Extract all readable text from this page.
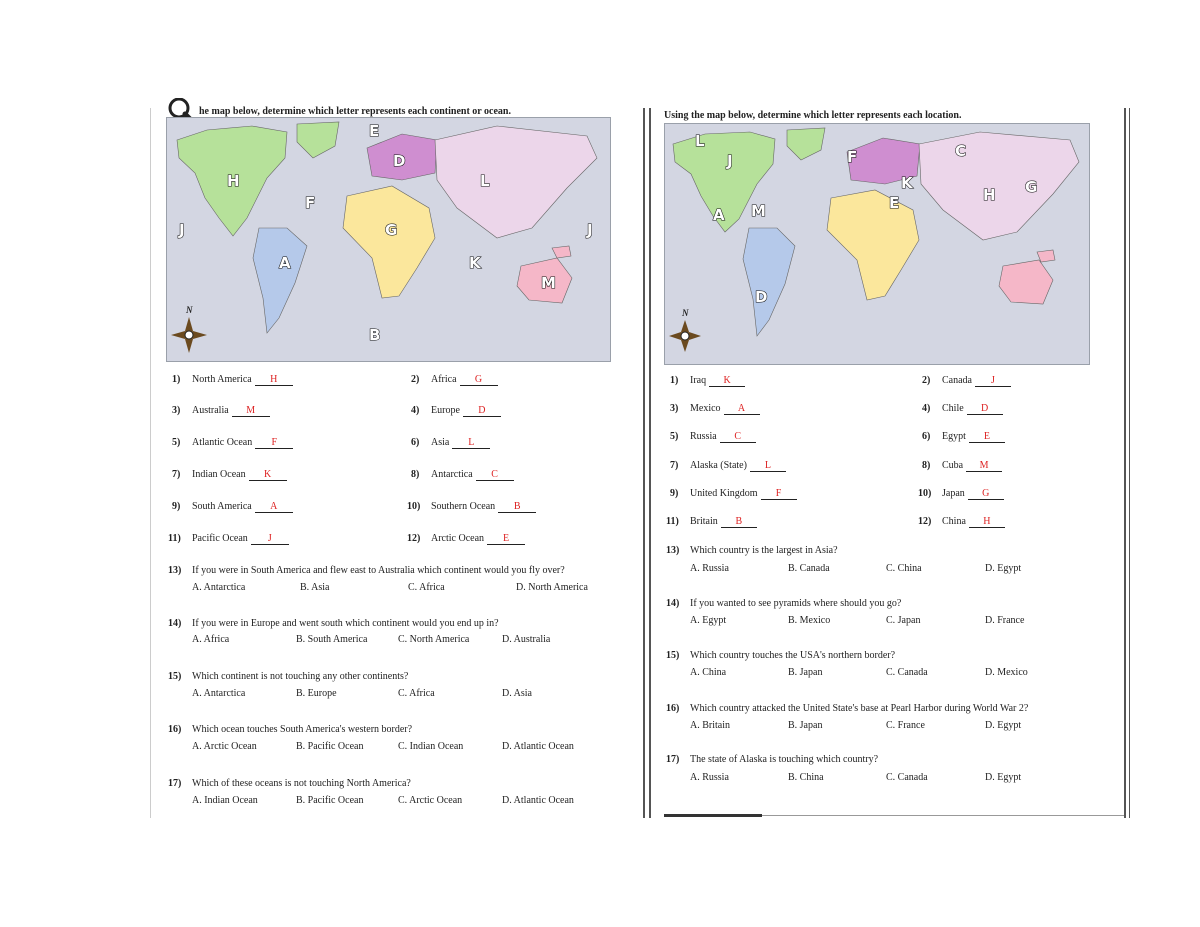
he map below, determine which letter represents each continent or ocean.
E
D
H	L
F
J	G	J
A	K
M
B
N
1) North America H	2) Africa G
3) Australia M	4) Europe D
5) Atlantic Ocean F	6) Asia L
7) Indian Ocean K	8) Antarctica C
9) South America A	10) Southern Ocean B
11) Pacific Ocean J	12) Arctic Ocean E
13) If you were in South America and flew east to Australia which continent would you fly over?
A. Antarctica	B. Asia	C. Africa	D. North America
14) If you were in Europe and went south which continent would you end up in?
A. Africa	B. South America	C. North America	D. Australia
15) Which continent is not touching any other continents?
A. Antarctica	B. Europe	C. Africa	D. Asia
16) Which ocean touches South America's western border?
A. Arctic Ocean	B. Pacific Ocean	C. Indian Ocean	D. Atlantic Ocean
17) Which of these oceans is not touching North America?
A. Indian Ocean	B. Pacific Ocean	C. Arctic Ocean	D. Atlantic Ocean
Using the map below, determine which letter represents each location.
L
J	F	C
K
H G
E
A M
D
N
1) Iraq K	2) Canada J
3) Mexico A	4) Chile D
5) Russia C	6) Egypt E
7) Alaska (State) L	8) Cuba M
9) United Kingdom F	10) Japan G
11) Britain B	12) China H
13) Which country is the largest in Asia?
A. Russia	B. Canada	C. China	D. Egypt
14) If you wanted to see pyramids where should you go?
A. Egypt	B. Mexico	C. Japan	D. France
15) Which country touches the USA's northern border?
A. China	B. Japan	C. Canada	D. Mexico
16) Which country attacked the United State's base at Pearl Harbor during World War 2?
A. Britain	B. Japan	C. France	D. Egypt
17) The state of Alaska is touching which country?
A. Russia	B. China	C. Canada	D. Egypt
